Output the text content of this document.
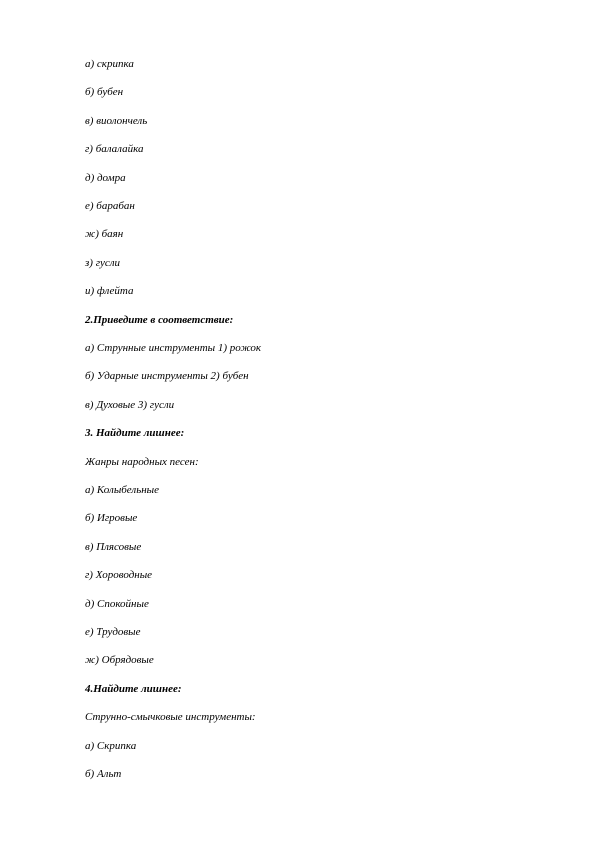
а) скрипка

б) бубен

в) виолончель

г) балалайка

д) домра

е) барабан

ж) баян

з) гусли

и) флейта

2.Приведите в соответствие:

а) Струнные инструменты 1) рожок

б) Ударные инструменты 2) бубен

в) Духовые 3) гусли

3. Найдите лишнее:

Жанры народных песен:

а) Колыбельные

б) Игровые

в) Плясовые

г) Хороводные

д) Спокойные

е) Трудовые

ж) Обрядовые

4.Найдите лишнее:

Струнно-смычковые инструменты:

а) Скрипка

б) Альт
